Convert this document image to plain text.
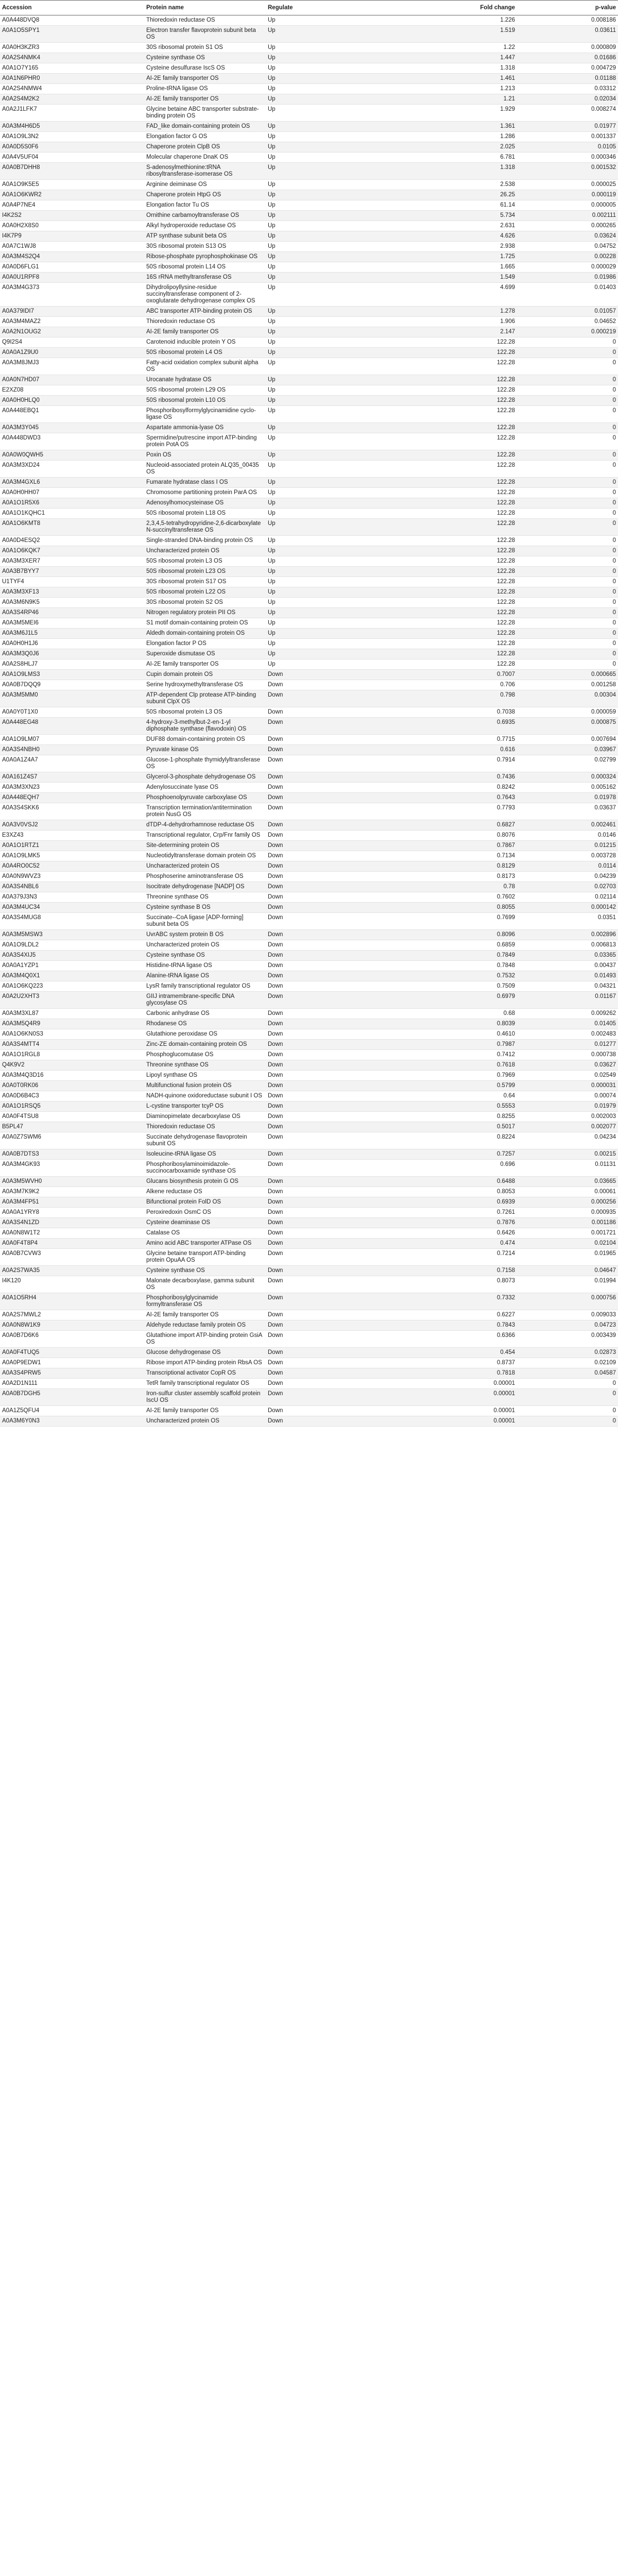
Accession	Protein name	Regulate	Fold change	p-value
A0A448DVQ8	Thioredoxin reductase OS	Up	1.226	0.008186
A0A1O5SPY1	Electron transfer flavoprotein subunit beta OS	Up	1.519	0.03611
A0A0H3KZR3	30S ribosomal protein S1 OS	Up	1.22	0.000809
A0A2S4NMK4	Cysteine synthase OS	Up	1.447	0.01686
A0A1O7Y165	Cysteine desulfurase IscS OS	Up	1.318	0.004729
A0A1N6PHR0	AI-2E family transporter OS	Up	1.461	0.01188
A0A2S4NMW4	Proline-tRNA ligase OS	Up	1.213	0.03312
A0A2S4M2K2	AI-2E family transporter OS	Up	1.21	0.02034
A0A2J1LFK7	Glycine betaine ABC transporter substrate-binding protein OS	Up	1.929	0.008274
A0A3M4H6D5	FAD_like domain-containing protein OS	Up	1.361	0.01977
A0A1O9L3N2	Elongation factor G OS	Up	1.286	0.001337
A0A0D5S0F6	Chaperone protein ClpB OS	Up	2.025	0.0105
A0A4V5UF04	Molecular chaperone DnaK OS	Up	6.781	0.000346
A0A0B7DHH8	S-adenosylmethionine:tRNA ribosyltransferase-isomerase OS	Up	1.318	0.001532
A0A1O9K5E5	Arginine deiminase OS	Up	2.538	0.000025
A0A1O6KWR2	Chaperone protein HtpG OS	Up	26.25	0.000119
A0A4P7NE4	Elongation factor Tu OS	Up	61.14	0.000005
I4K2S2	Ornithine carbamoyltransferase OS	Up	5.734	0.002111
A0A0H2X8S0	Alkyl hydroperoxide reductase OS	Up	2.631	0.000265
I4K7P9	ATP synthase subunit beta OS	Up	4.626	0.03624
A0A7C1WJ8	30S ribosomal protein S13 OS	Up	2.938	0.04752
A0A3M4S2Q4	Ribose-phosphate pyrophosphokinase OS	Up	1.725	0.00228
A0A0D6FLG1	50S ribosomal protein L14 OS	Up	1.665	0.000029
A0A0U1RPF8	16S rRNA methyltransferase OS	Up	1.549	0.01986
A0A3M4G373	Dihydrolipoyllysine-residue succinyltransferase component of 2-oxoglutarate dehydrogenase complex OS	Up	4.699	0.01403
A0A379IDI7	ABC transporter ATP-binding protein OS	Up	1.278	0.01057
A0A3M4MAZ2	Thioredoxin reductase OS	Up	1.906	0.04652
A0A2N1OUG2	AI-2E family transporter OS	Up	2.147	0.000219
Q9I2S4	Carotenoid inducible protein Y OS	Up	122.28	0
A0A0A1Z9U0	50S ribosomal protein L4 OS	Up	122.28	0
A0A3M8JMJ3	Fatty-acid oxidation complex subunit alpha OS	Up	122.28	0
A0A0N7HD07	Urocanate hydratase OS	Up	122.28	0
E2XZ08	50S ribosomal protein L29 OS	Up	122.28	0
A0A0H0HLQ0	50S ribosomal protein L10 OS	Up	122.28	0
A0A448EBQ1	Phosphoribosylformylglycinamidine cyclo-ligase OS	Up	122.28	0
A0A3M3Y045	Aspartate ammonia-lyase OS	Up	122.28	0
A0A448DWD3	Spermidine/putrescine import ATP-binding protein PotA OS	Up	122.28	0
A0A0W0QWH5	Poxin OS	Up	122.28	0
A0A3M3XD24	Nucleoid-associated protein ALQ35_00435 OS	Up	122.28	0
A0A3M4GXL6	Fumarate hydratase class I OS	Up	122.28	0
A0A0H0HH07	Chromosome partitioning protein ParA OS	Up	122.28	0
A0A1O1R5X6	Adenosylhomocysteinase OS	Up	122.28	0
A0A1O1KQHC1	50S ribosomal protein L18 OS	Up	122.28	0
A0A1O6KMT8	2,3,4,5-tetrahydropyridine-2,6-dicarboxylate N-succinyltransferase OS	Up	122.28	0
A0A0D4ESQ2	Single-stranded DNA-binding protein OS	Up	122.28	0
A0A1O6KQK7	Uncharacterized protein OS	Up	122.28	0
A0A3M3XER7	50S ribosomal protein L3 OS	Up	122.28	0
A0A3B7BYY7	50S ribosomal protein L23 OS	Up	122.28	0
U1TYF4	30S ribosomal protein S17 OS	Up	122.28	0
A0A3M3XF13	50S ribosomal protein L22 OS	Up	122.28	0
A0A3M6N9K5	30S ribosomal protein S2 OS	Up	122.28	0
A0A3S4RP46	Nitrogen regulatory protein PII OS	Up	122.28	0
A0A3M5MEI6	S1 motif domain-containing protein OS	Up	122.28	0
A0A3M6J1L5	Aldedh domain-containing protein OS	Up	122.28	0
A0A0H0H1J6	Elongation factor P OS	Up	122.28	0
A0A3M3Q0J6	Superoxide dismutase OS	Up	122.28	0
A0A2S8HLJ7	AI-2E family transporter OS	Up	122.28	0
A0A1O9LMS3	Cupin domain protein OS	Down	0.7007	0.000665
A0A0B7DQQ9	Serine hydroxymethyltransferase OS	Down	0.706	0.001258
A0A3M5MM0	ATP-dependent Clp protease ATP-binding subunit ClpX OS	Down	0.798	0.00304
A0A0Y0T1X0	50S ribosomal protein L3 OS	Down	0.7038	0.000059
A0A448EG48	4-hydroxy-3-methylbut-2-en-1-yl diphosphate synthase (flavodoxin) OS	Down	0.6935	0.000875
A0A1O9LM07	DUF88 domain-containing protein OS	Down	0.7715	0.007694
A0A3S4NBH0	Pyruvate kinase OS	Down	0.616	0.03967
A0A0A1Z4A7	Glucose-1-phosphate thymidylyltransferase OS	Down	0.7914	0.02799
A0A161Z4S7	Glycerol-3-phosphate dehydrogenase OS	Down	0.7436	0.000324
A0A3M3XN23	Adenylosuccinate lyase OS	Down	0.8242	0.005162
A0A448EQH7	Phosphoenolpyruvate carboxylase OS	Down	0.7643	0.01978
A0A3S4SKK6	Transcription termination/antitermination protein NusG OS	Down	0.7793	0.03637
A0A3V0VSJ2	dTDP-4-dehydrorhamnose reductase OS	Down	0.6827	0.002461
E3XZ43	Transcriptional regulator, Crp/Fnr family OS	Down	0.8076	0.0146
A0A1O1RTZ1	Site-determining protein OS	Down	0.7867	0.01215
A0A1O9LMK5	Nucleotidyltransferase domain protein OS	Down	0.7134	0.003728
A0A4RO0C52	Uncharacterized protein OS	Down	0.8129	0.0114
A0A0N9WVZ3	Phosphoserine aminotransferase OS	Down	0.8173	0.04239
A0A3S4NBL6	Isocitrate dehydrogenase [NADP] OS	Down	0.78	0.02703
A0A379J3N3	Threonine synthase OS	Down	0.7602	0.02114
A0A3M4UC34	Cysteine synthase B OS	Down	0.8055	0.000142
A0A3S4MUG8	Succinate--CoA ligase [ADP-forming] subunit beta OS	Down	0.7699	0.0351
A0A3M5MSW3	UvrABC system protein B OS	Down	0.8096	0.002896
A0A1O9LDL2	Uncharacterized protein OS	Down	0.6859	0.006813
A0A3S4XIJ5	Cysteine synthase OS	Down	0.7849	0.03365
A0A0A1YZP1	Histidine-tRNA ligase OS	Down	0.7848	0.00437
A0A3M4Q0X1	Alanine-tRNA ligase OS	Down	0.7532	0.01493
A0A1O6KQ223	LysR family transcriptional regulator OS	Down	0.7509	0.04321
A0A2U2XHT3	GIIJ intramembrane-specific DNA glycosylase OS	Down	0.6979	0.01167
A0A3M3XL87	Carbonic anhydrase OS	Down	0.68	0.009262
A0A3M5Q4R9	Rhodanese OS	Down	0.8039	0.01405
A0A1O6KN0S3	Glutathione peroxidase OS	Down	0.4610	0.002483
A0A3S4MTT4	Zinc-ZE domain-containing protein OS	Down	0.7987	0.01277
A0A1O1RGL8	Phosphoglucomutase OS	Down	0.7412	0.000738
Q4K9V2	Threonine synthase OS	Down	0.7618	0.03627
A0A3M4Q3D16	Lipoyl synthase OS	Down	0.7969	0.02549
A0A0T0RK06	Multifunctional fusion protein OS	Down	0.5799	0.000031
A0A0D6B4C3	NADH-quinone oxidoreductase subunit I OS	Down	0.64	0.00074
A0A1O1RSQ5	L-cystine transporter tcyP OS	Down	0.5553	0.01979
A0A0F4TSU8	Diaminopimelate decarboxylase OS	Down	0.8255	0.002003
B5PL47	Thioredoxin reductase OS	Down	0.5017	0.002077
A0A0Z7SWM6	Succinate dehydrogenase flavoprotein subunit OS	Down	0.8224	0.04234
A0A0B7DTS3	Isoleucine-tRNA ligase OS	Down	0.7257	0.00215
A0A3M4GK93	Phosphoribosylaminoimidazole-succinocarboxamide synthase OS	Down	0.696	0.01131
A0A3M5WVH0	Glucans biosynthesis protein G OS	Down	0.6488	0.03665
A0A3M7K9K2	Alkene reductase OS	Down	0.8053	0.00061
A0A3M4FP51	Bifunctional protein FolD OS	Down	0.6939	0.000256
A0A0A1YRY8	Peroxiredoxin OsmC OS	Down	0.7261	0.000935
A0A3S4N1ZD	Cysteine deaminase OS	Down	0.7876	0.001186
A0A0N8W1T2	Catalase OS	Down	0.6426	0.001721
A0A0F4T8P4	Amino acid ABC transporter ATPase OS	Down	0.474	0.02104
A0A0B7CVW3	Glycine betaine transport ATP-binding protein OpuAA OS	Down	0.7214	0.01965
A0A2S7WA35	Cysteine synthase OS	Down	0.7158	0.04647
I4K120	Malonate decarboxylase, gamma subunit OS	Down	0.8073	0.01994
A0A1O5RH4	Phosphoribosylglycinamide formyltransferase OS	Down	0.7332	0.000756
A0A2S7MWL2	AI-2E family transporter OS	Down	0.6227	0.009033
A0A0N8W1K9	Aldehyde reductase family protein OS	Down	0.7843	0.04723
A0A0B7D6K6	Glutathione import ATP-binding protein GsiA OS	Down	0.6366	0.003439
A0A0F4TUQ5	Glucose dehydrogenase OS	Down	0.454	0.02873
A0A0P9EDW1	Ribose import ATP-binding protein RbsA OS	Down	0.8737	0.02109
A0A3S4PRW5	Transcriptional activator CopR OS	Down	0.7818	0.04587
A0A2D1N111	TetR family transcriptional regulator OS	Down	0.00001	0
A0A0B7DGH5	Iron-sulfur cluster assembly scaffold protein IscU OS	Down	0.00001	0
A0A1Z5QFU4	AI-2E family transporter OS	Down	0.00001	0
A0A3M6Y0N3	Uncharacterized protein OS	Down	0.00001	0
